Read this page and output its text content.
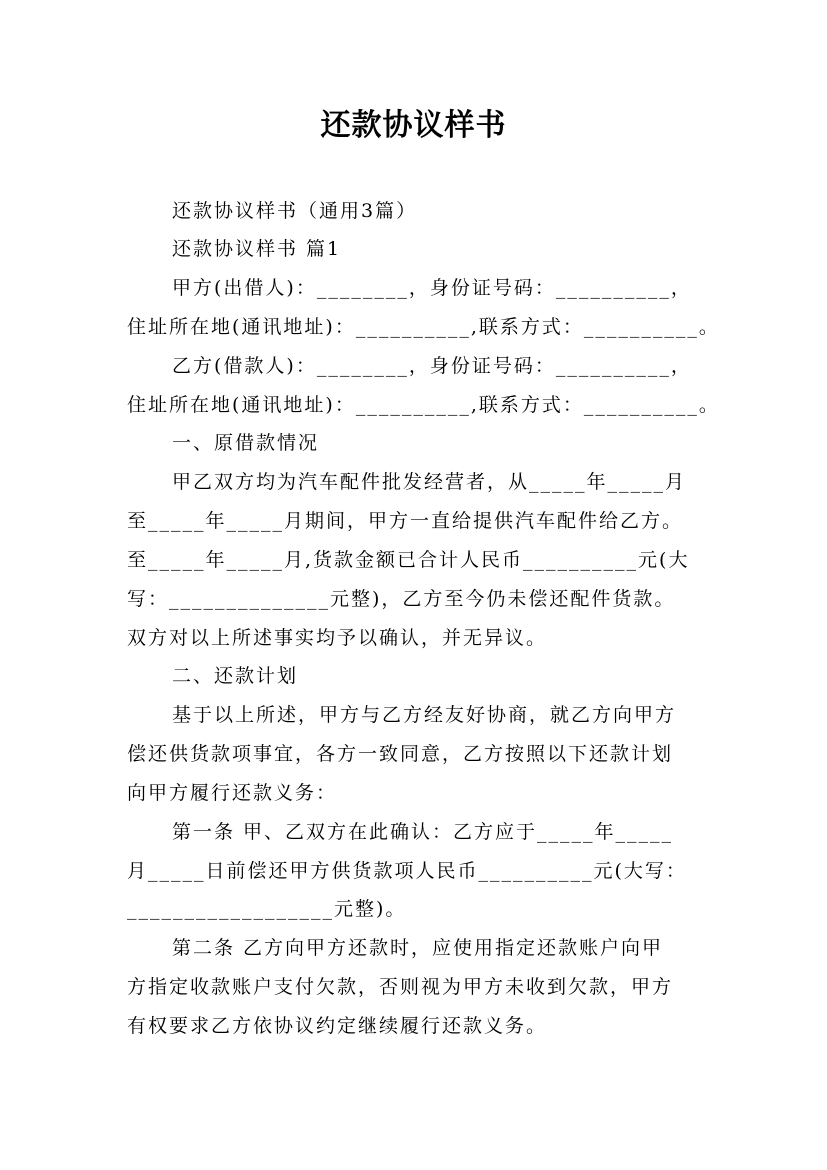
还款协议样书
还款协议样书（通用3篇）
还款协议样书 篇1
甲方(出借人)：________，身份证号码：__________，
住址所在地(通讯地址)：__________,联系方式：__________。
乙方(借款人)：________，身份证号码：__________，
住址所在地(通讯地址)：__________,联系方式：__________。
一、原借款情况
甲乙双方均为汽车配件批发经营者，从_____年_____月
至_____年_____月期间，甲方一直给提供汽车配件给乙方。
至_____年_____月,货款金额已合计人民币__________元(大
写：______________元整)，乙方至今仍未偿还配件货款。
双方对以上所述事实均予以确认，并无异议。
二、还款计划
基于以上所述，甲方与乙方经友好协商，就乙方向甲方
偿还供货款项事宜，各方一致同意，乙方按照以下还款计划
向甲方履行还款义务：
第一条 甲、乙双方在此确认：乙方应于_____年_____
月_____日前偿还甲方供货款项人民币__________元(大写：
__________________元整)。
第二条 乙方向甲方还款时，应使用指定还款账户向甲
方指定收款账户支付欠款，否则视为甲方未收到欠款，甲方
有权要求乙方依协议约定继续履行还款义务。
